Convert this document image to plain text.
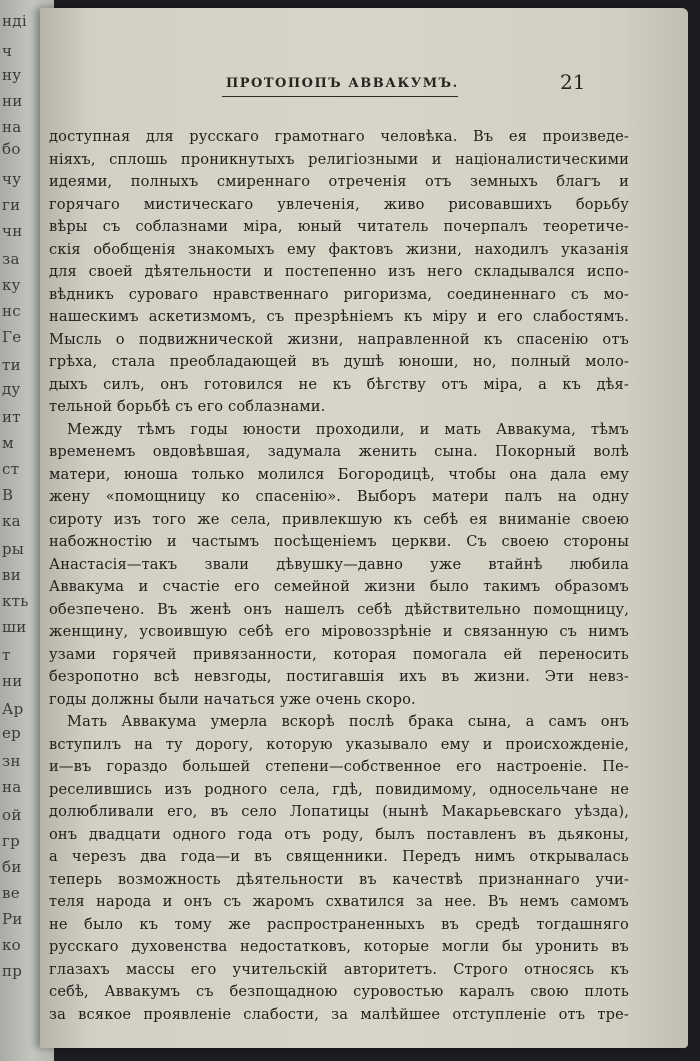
ндi
ч
ну
ни
на
бо
чу
ги
чн
за
ку
нс
Ге
ти
ду
ит
м
ст
В
ка
ры
ви
кть
ши
т
ни
Ар
ер
зн
на
ой
гр
би
ве
Ри
ко
пр
ПРОТОПОПЪ АВВАКУМЪ.	21
доступная для русскаго грамотнаго человѣка. Въ ея произведе-
нiяхъ, сплошь проникнутыхъ религiозными и нацiоналистическими
идеями, полныхъ смиреннаго отреченiя отъ земныхъ благъ и
горячаго мистическаго увлеченiя, живо рисовавшихъ борьбу
вѣры съ соблазнами мiра, юный читатель почерпалъ теоретиче-
скiя обобщенiя знакомыхъ ему фактовъ жизни, находилъ указанiя
для своей дѣятельности и постепенно изъ него складывался испо-
вѣдникъ суроваго нравственнаго ригоризма, соединеннаго съ мо-
нашескимъ аскетизмомъ, съ презрѣнiемъ къ мiру и его слабостямъ.
Мысль о подвижнической жизни, направленной къ спасенiю отъ
грѣха, стала преобладающей въ душѣ юноши, но, полный моло-
дыхъ силъ, онъ готовился не къ бѣгству отъ мiра, а къ дѣя-
тельной борьбѣ съ его соблазнами.
Между тѣмъ годы юности проходили, и мать Аввакума, тѣмъ
временемъ овдовѣвшая, задумала женить сына. Покорный волѣ
матери, юноша только молился Богородицѣ, чтобы она дала ему
жену «помощницу ко спасенiю». Выборъ матери палъ на одну
сироту изъ того же села, привлекшую къ себѣ ея вниманiе своею
набожностiю и частымъ посѣщенiемъ церкви. Съ своею стороны
Анастасiя—такъ звали дѣвушку—давно уже втайнѣ любила
Аввакума и счастiе его семейной жизни было такимъ образомъ
обезпечено. Въ женѣ онъ нашелъ себѣ дѣйствительно помощницу,
женщину, усвоившую себѣ его мiровоззрѣнiе и связанную съ нимъ
узами горячей привязанности, которая помогала ей переносить
безропотно всѣ невзгоды, постигавшiя ихъ въ жизни. Эти невз-
годы должны были начаться уже очень скоро.
Мать Аввакума умерла вскорѣ послѣ брака сына, а самъ онъ
вступилъ на ту дорогу, которую указывало ему и происхожденiе,
и—въ гораздо большей степени—собственное его настроенiе. Пе-
реселившись изъ родного села, гдѣ, повидимому, односельчане не
долюбливали его, въ село Лопатицы (нынѣ Макарьевскаго уѣзда),
онъ двадцати одного года отъ роду, былъ поставленъ въ дьяконы,
а черезъ два года—и въ священники. Передъ нимъ открывалась
теперь возможность дѣятельности въ качествѣ признаннаго учи-
теля народа и онъ съ жаромъ схватился за нее. Въ немъ самомъ
не было къ тому же распространенныхъ въ средѣ тогдашняго
русскаго духовенства недостатковъ, которые могли бы уронить въ
глазахъ массы его учительскiй авторитетъ. Строго относясь къ
себѣ, Аввакумъ съ безпощадною суровостью каралъ свою плоть
за всякое проявленiе слабости, за малѣйшее отступленiе отъ тре-
